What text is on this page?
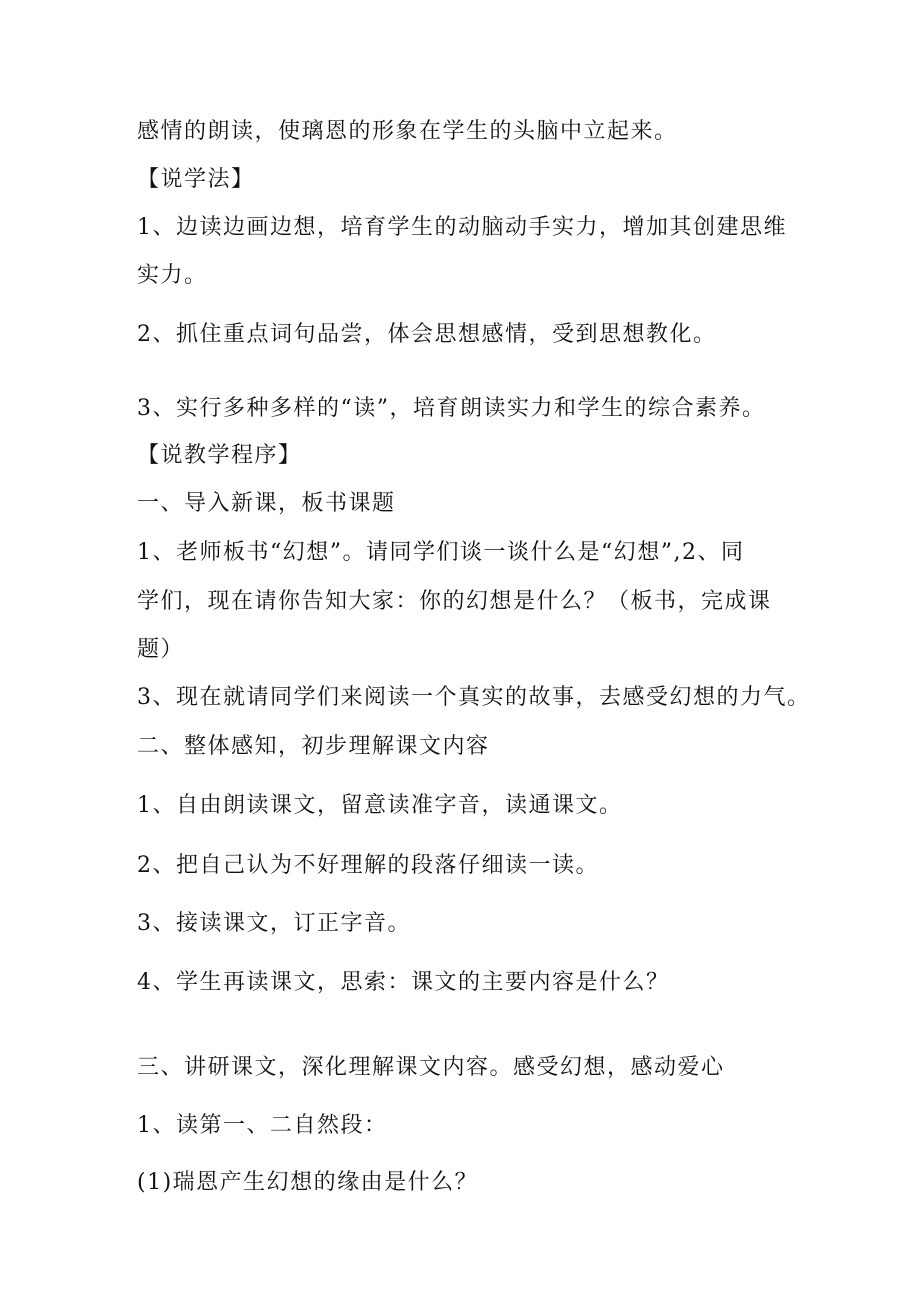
感情的朗读，使璃恩的形象在学生的头脑中立起来。
【说学法】
1、边读边画边想，培育学生的动脑动手实力，增加其创建思维
实力。
2、抓住重点词句品尝，体会思想感情，受到思想教化。
3、实行多种多样的“读”，培育朗读实力和学生的综合素养。
【说教学程序】
一、导入新课，板书课题
1、老师板书“幻想”。请同学们谈一谈什么是“幻想”,2、同
学们，现在请你告知大家：你的幻想是什么？（板书，完成课
题）
3、现在就请同学们来阅读一个真实的故事，去感受幻想的力气。
二、整体感知，初步理解课文内容
1、自由朗读课文，留意读准字音，读通课文。
2、把自己认为不好理解的段落仔细读一读。
3、接读课文，订正字音。
4、学生再读课文，思索：课文的主要内容是什么？
三、讲研课文，深化理解课文内容。感受幻想，感动爱心
1、读第一、二自然段：
(1)瑞恩产生幻想的缘由是什么？
